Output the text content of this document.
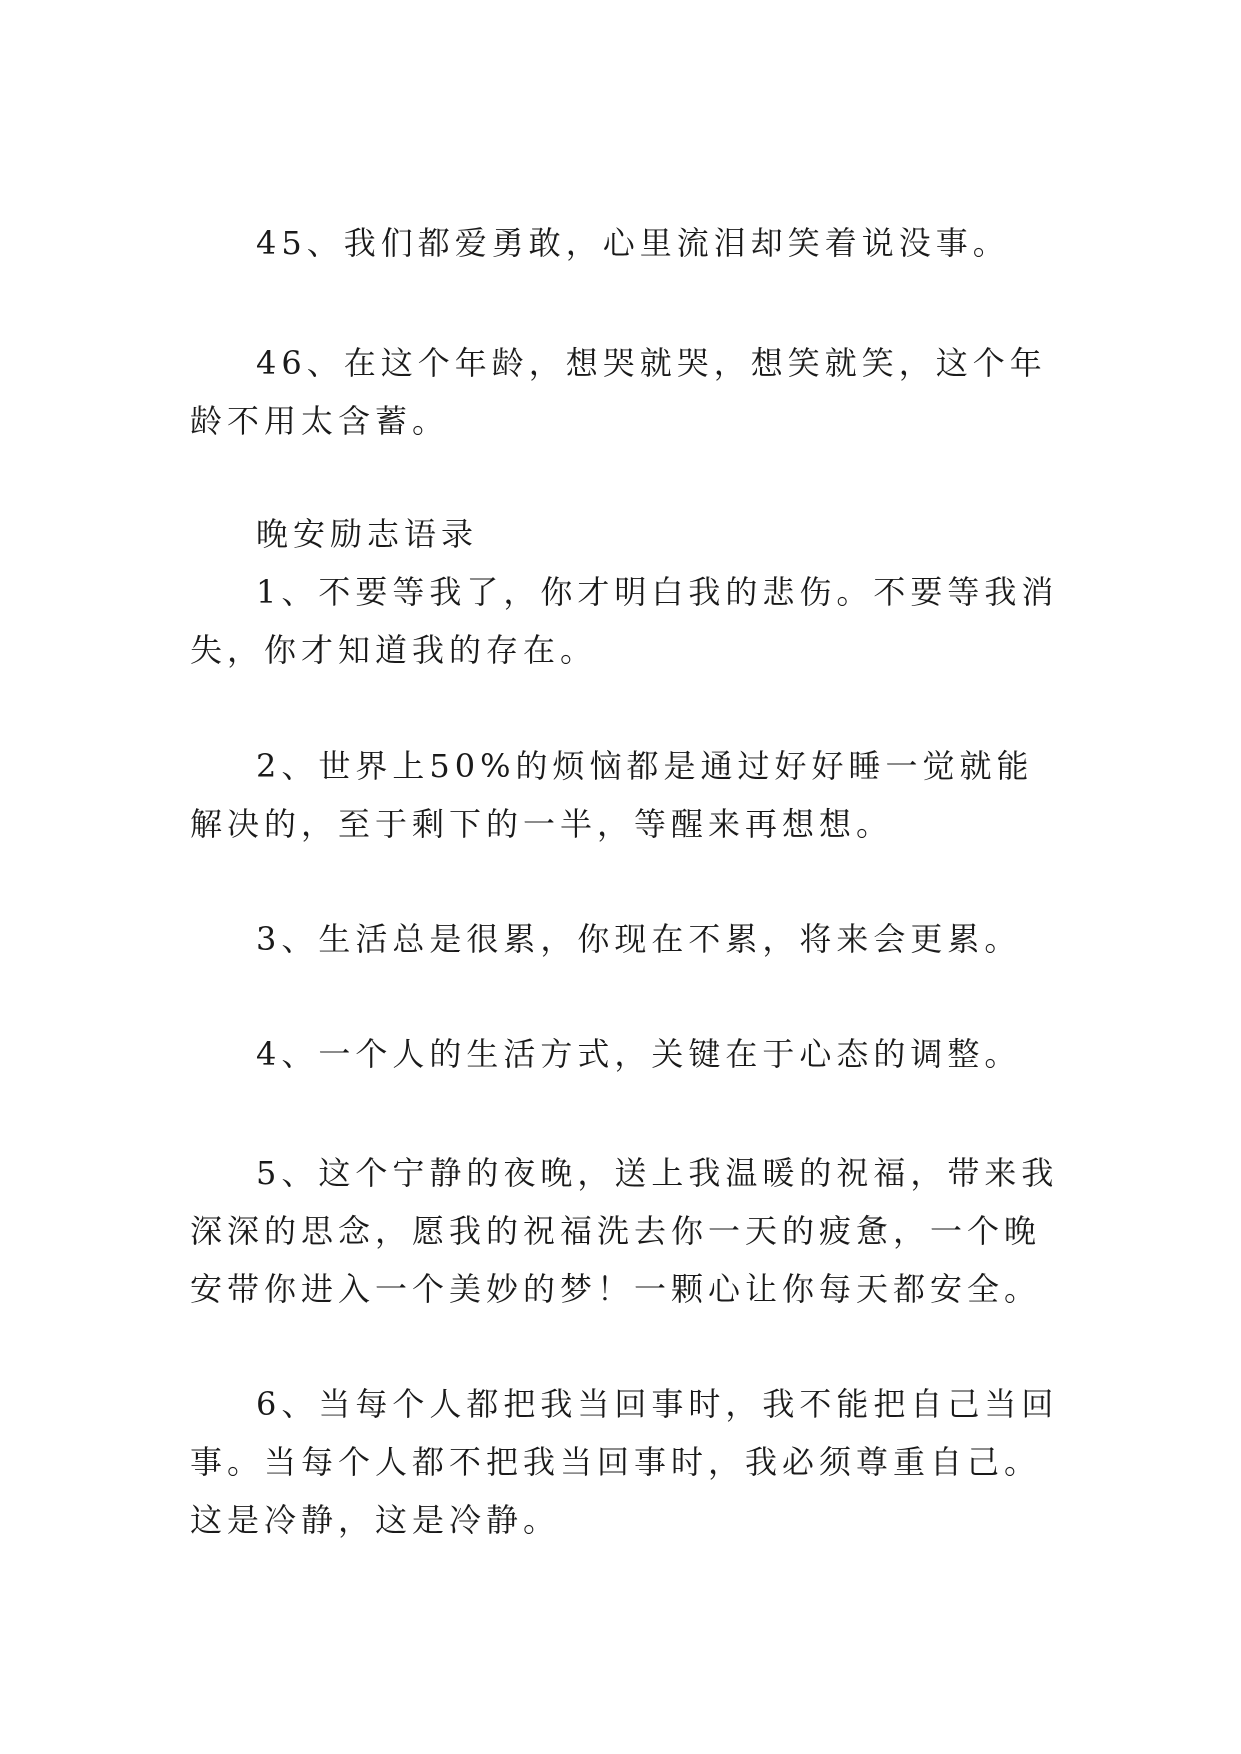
45、我们都爱勇敢，心里流泪却笑着说没事。

46、在这个年龄，想哭就哭，想笑就笑，这个年龄不用太含蓄。

晚安励志语录

1、不要等我了，你才明白我的悲伤。不要等我消失，你才知道我的存在。

2、世界上50%的烦恼都是通过好好睡一觉就能解决的，至于剩下的一半，等醒来再想想。

3、生活总是很累，你现在不累，将来会更累。

4、一个人的生活方式，关键在于心态的调整。

5、这个宁静的夜晚，送上我温暖的祝福，带来我深深的思念，愿我的祝福洗去你一天的疲惫，一个晚安带你进入一个美妙的梦！一颗心让你每天都安全。

6、当每个人都把我当回事时，我不能把自己当回事。当每个人都不把我当回事时，我必须尊重自己。这是冷静，这是冷静。
